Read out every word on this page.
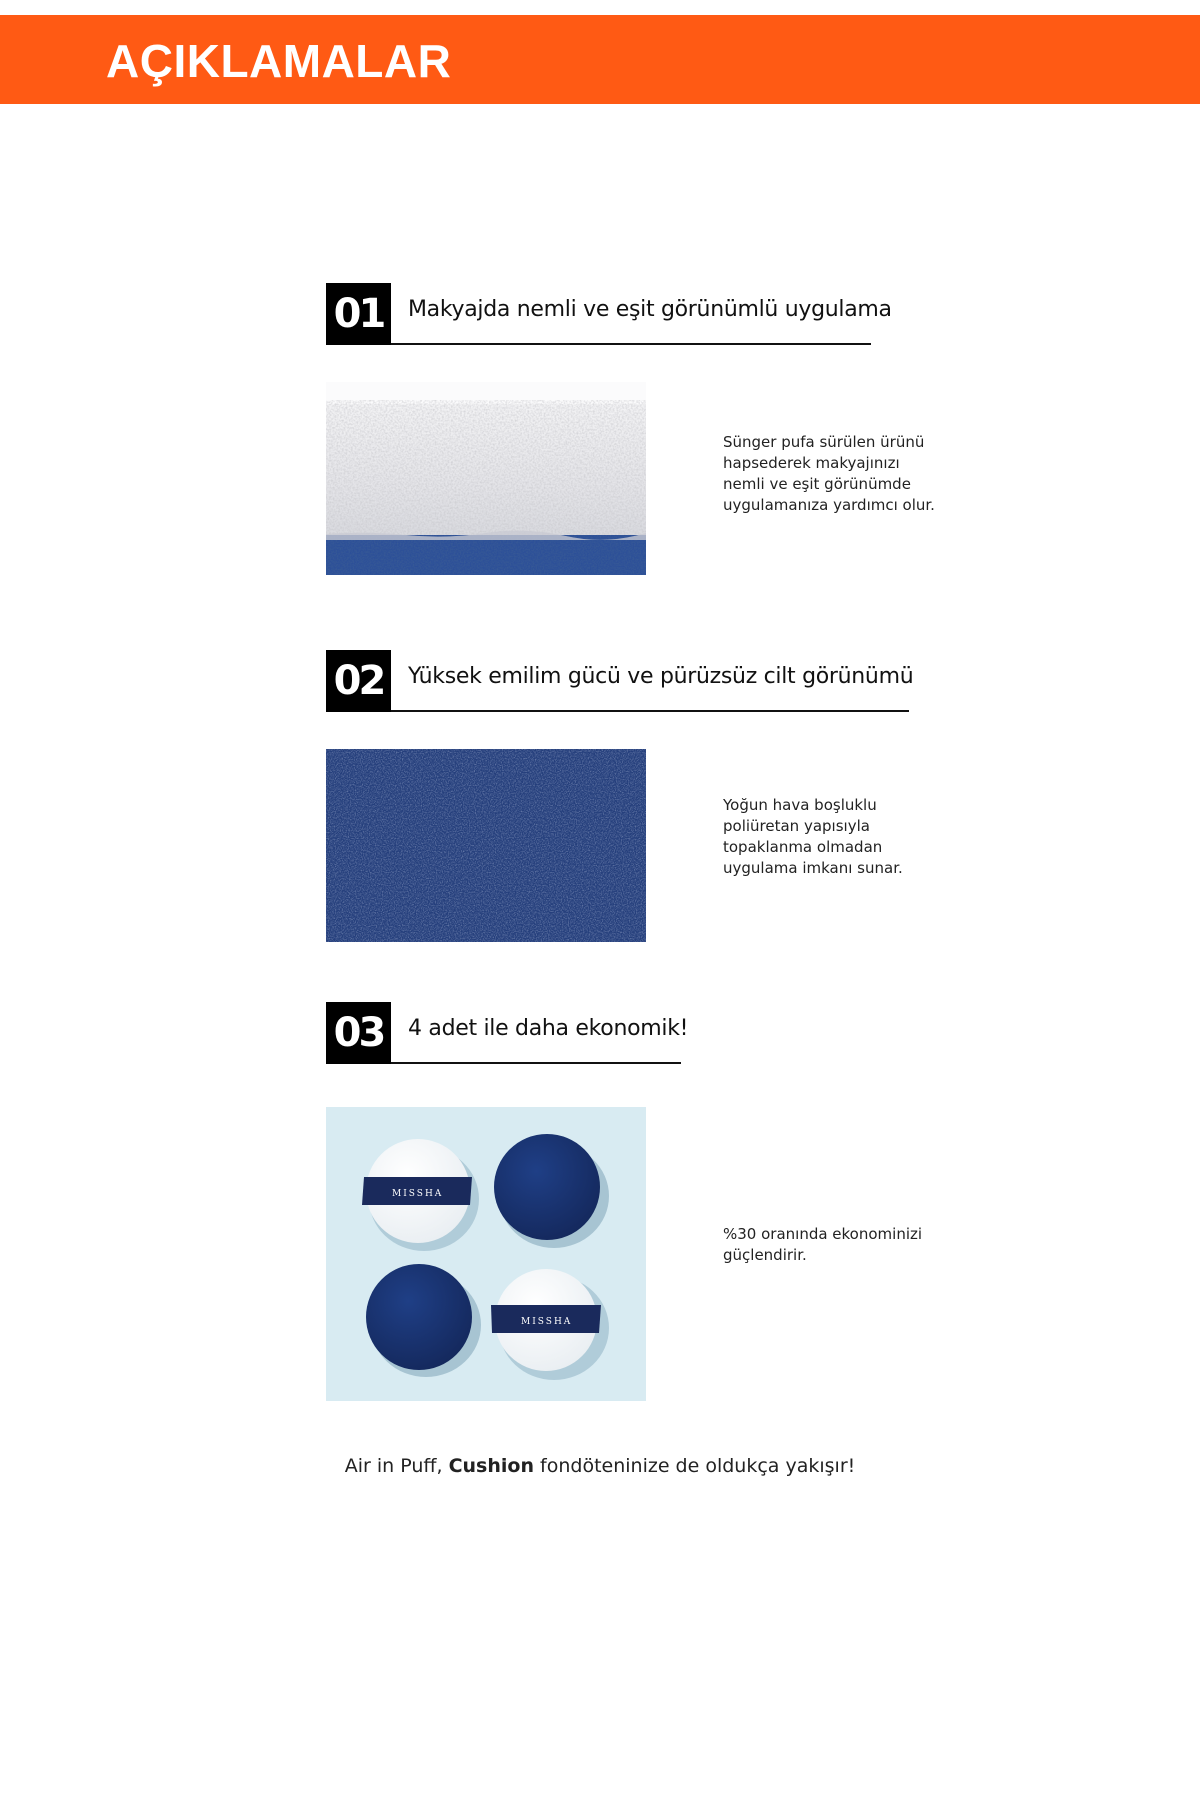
AÇIKLAMALAR
01	Makyajda nemli ve eşit görünümlü uygulama
Sünger pufa sürülen ürünü hapsederek makyajınızı nemli ve eşit görünümde uygulamanıza yardımcı olur.
02	Yüksek emilim gücü ve pürüzsüz cilt görünümü
Yoğun hava boşluklu poliüretan yapısıyla topaklanma olmadan uygulama imkanı sunar.
03	4 adet ile daha ekonomik!
MISSHA
MISSHA
%30 oranında ekonominizi güçlendirir.
Air in Puff, Cushion fondöteninize de oldukça yakışır!
